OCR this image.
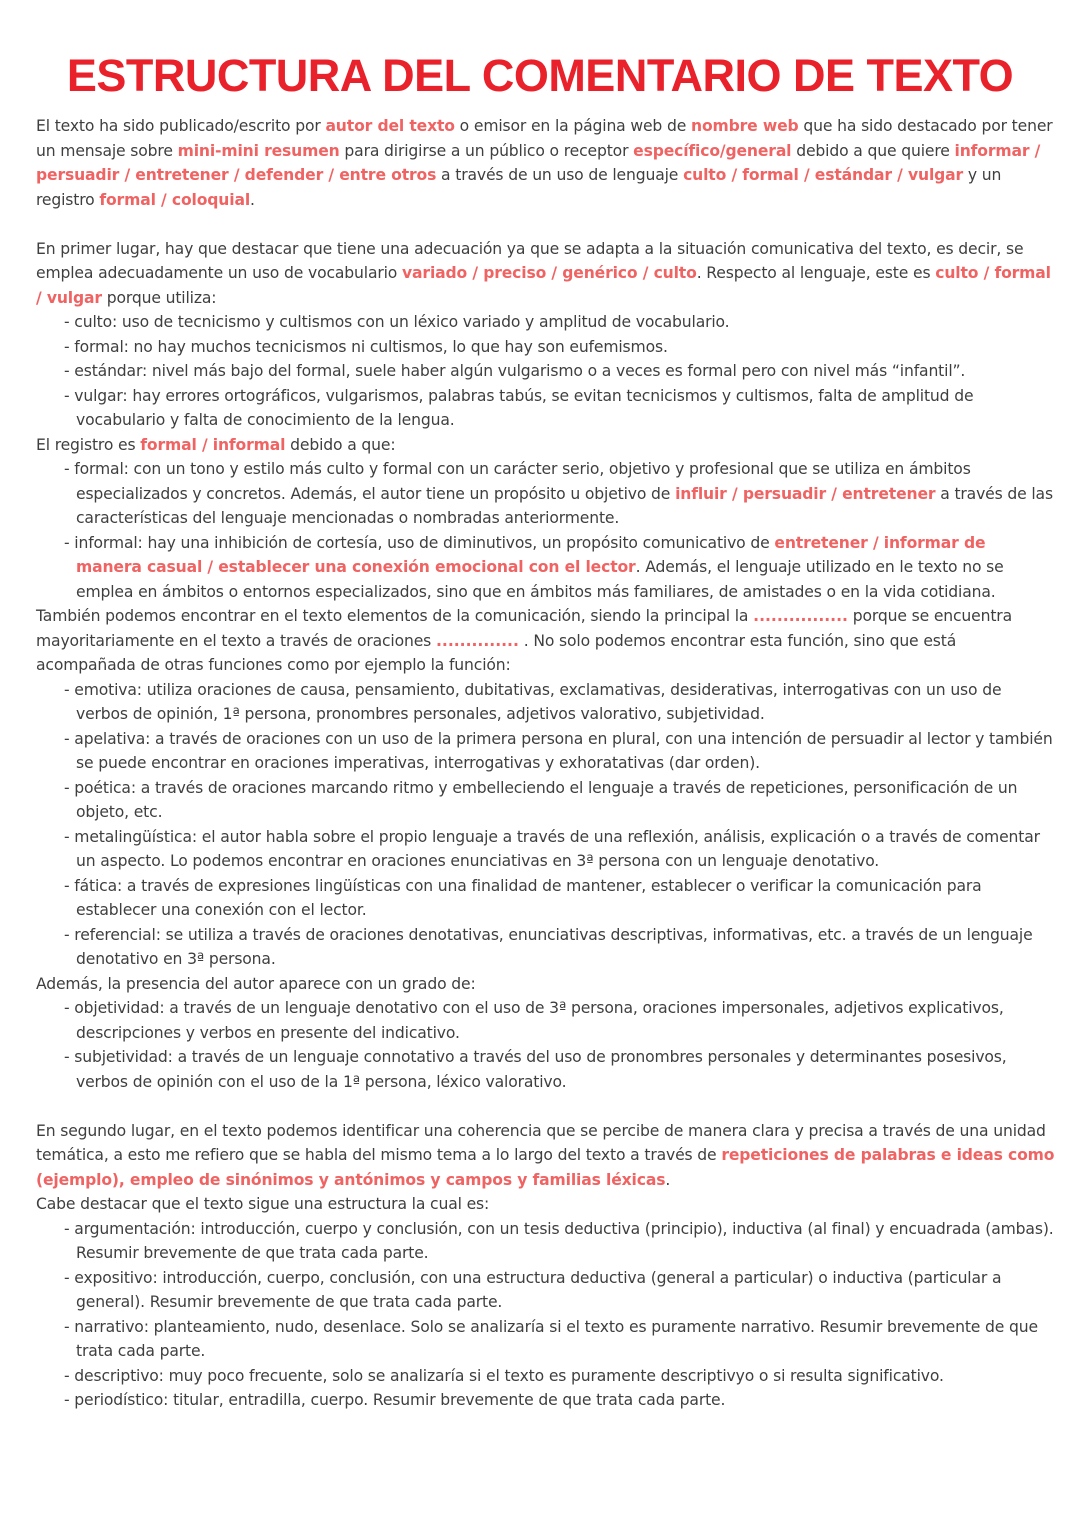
ESTRUCTURA DEL COMENTARIO DE TEXTO

El texto ha sido publicado/escrito por autor del texto o emisor en la página web de nombre web que ha sido destacado por tener un mensaje sobre mini-mini resumen para dirigirse a un público o receptor específico/general debido a que quiere informar / persuadir / entretener / defender / entre otros a través de un uso de lenguaje culto / formal / estándar / vulgar y un registro formal / coloquial.

En primer lugar, hay que destacar que tiene una adecuación ya que se adapta a la situación comunicativa del texto, es decir, se emplea adecuadamente un uso de vocabulario variado / preciso / genérico / culto. Respecto al lenguaje, este es culto / formal / vulgar porque utiliza:

- culto: uso de tecnicismo y cultismos con un léxico variado y amplitud de vocabulario.

- formal: no hay muchos tecnicismos ni cultismos, lo que hay son eufemismos.

- estándar: nivel más bajo del formal, suele haber algún vulgarismo o a veces es formal pero con nivel más “infantil”.

- vulgar: hay errores ortográficos, vulgarismos, palabras tabús, se evitan tecnicismos y cultismos, falta de amplitud de vocabulario y falta de conocimiento de la lengua.

El registro es formal / informal debido a que:

- formal: con un tono y estilo más culto y formal con un carácter serio, objetivo y profesional que se utiliza en ámbitos especializados y concretos. Además, el autor tiene un propósito u objetivo de influir / persuadir / entretener a través de las características del lenguaje mencionadas o nombradas anteriormente.

- informal: hay una inhibición de cortesía, uso de diminutivos, un propósito comunicativo de entretener / informar de manera casual / establecer una conexión emocional con el lector. Además, el lenguaje utilizado en le texto no se emplea en ámbitos o entornos especializados, sino que en ámbitos más familiares, de amistades o en la vida cotidiana.

También podemos encontrar en el texto elementos de la comunicación, siendo la principal la ................ porque se encuentra mayoritariamente en el texto a través de oraciones .............. . No solo podemos encontrar esta función, sino que está acompañada de otras funciones como por ejemplo la función:

- emotiva: utiliza oraciones de causa, pensamiento, dubitativas, exclamativas, desiderativas, interrogativas con un uso de verbos de opinión, 1ª persona, pronombres personales, adjetivos valorativo, subjetividad.

- apelativa: a través de oraciones con un uso de la primera persona en plural, con una intención de persuadir al lector y también se puede encontrar en oraciones imperativas, interrogativas y exhoratativas (dar orden).

- poética: a través de oraciones marcando ritmo y embelleciendo el lenguaje a través de repeticiones, personificación de un objeto, etc.

- metalingüística: el autor habla sobre el propio lenguaje a través de una reflexión, análisis, explicación o a través de comentar un aspecto. Lo podemos encontrar en oraciones enunciativas en 3ª persona con un lenguaje denotativo.

- fática: a través de expresiones lingüísticas con una finalidad de mantener, establecer o verificar la comunicación para establecer una conexión con el lector.

- referencial: se utiliza a través de oraciones denotativas, enunciativas descriptivas, informativas, etc. a través de un lenguaje denotativo en 3ª persona.

Además, la presencia del autor aparece con un grado de:

- objetividad: a través de un lenguaje denotativo con el uso de 3ª persona, oraciones impersonales, adjetivos explicativos, descripciones y verbos en presente del indicativo.

- subjetividad: a través de un lenguaje connotativo a través del uso de pronombres personales y determinantes posesivos, verbos de opinión con el uso de la 1ª persona, léxico valorativo.

En segundo lugar, en el texto podemos identificar una coherencia que se percibe de manera clara y precisa a través de una unidad temática, a esto me refiero que se habla del mismo tema a lo largo del texto a través de repeticiones de palabras e ideas como (ejemplo), empleo de sinónimos y antónimos y campos y familias léxicas.

Cabe destacar que el texto sigue una estructura la cual es:

- argumentación: introducción, cuerpo y conclusión, con un tesis deductiva (principio), inductiva (al final) y encuadrada (ambas). Resumir brevemente de que trata cada parte.

- expositivo: introducción, cuerpo, conclusión, con una estructura deductiva (general a particular) o inductiva (particular a general). Resumir brevemente de que trata cada parte.

- narrativo: planteamiento, nudo, desenlace. Solo se analizaría si el texto es puramente narrativo. Resumir brevemente de que trata cada parte.

- descriptivo: muy poco frecuente, solo se analizaría si el texto es puramente descriptivyo o si resulta significativo.

- periodístico: titular, entradilla, cuerpo. Resumir brevemente de que trata cada parte.
